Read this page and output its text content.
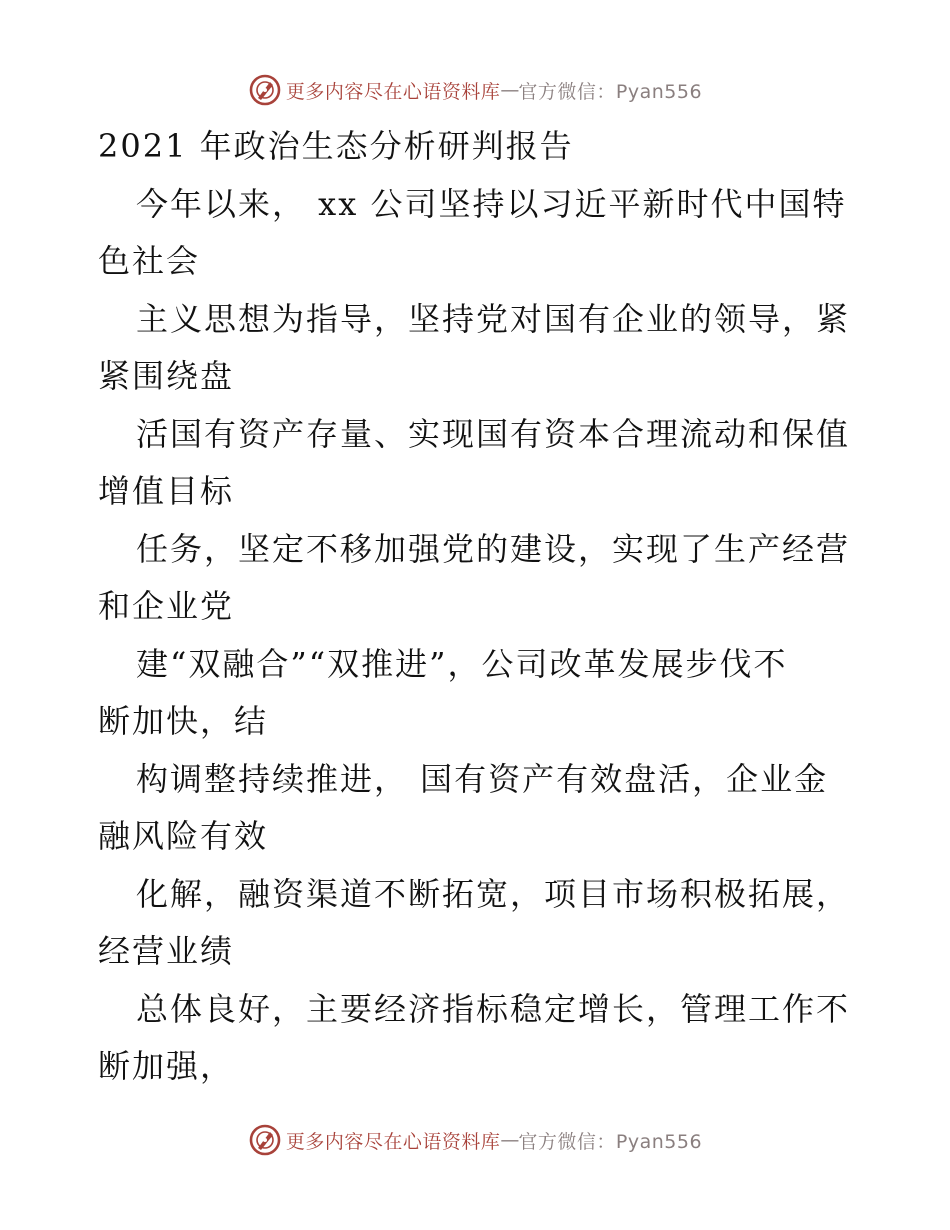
更多内容尽在心语资料库 — 官方微信：Pyan556
2021 年政治生态分析研判报告
今年以来， xx 公司坚持以习近平新时代中国特
色社会
主义思想为指导，坚持党对国有企业的领导，紧
紧围绕盘
活国有资产存量、实现国有资本合理流动和保值
增值目标
任务，坚定不移加强党的建设，实现了生产经营
和企业党
建“双融合”“双推进”，公司改革发展步伐不
断加快，结
构调整持续推进， 国有资产有效盘活，企业金
融风险有效
化解，融资渠道不断拓宽，项目市场积极拓展，
经营业绩
总体良好，主要经济指标稳定增长，管理工作不
断加强，
更多内容尽在心语资料库 — 官方微信：Pyan556
